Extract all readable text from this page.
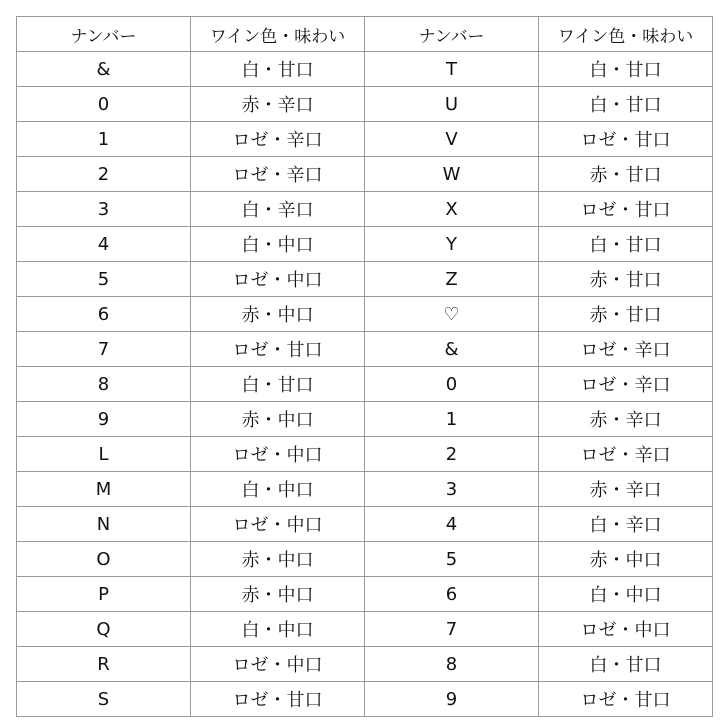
ナンバー	ワイン色・味わい	ナンバー	ワイン色・味わい
&	白・甘口	T	白・甘口
0	赤・辛口	U	白・甘口
1	ロゼ・辛口	V	ロゼ・甘口
2	ロゼ・辛口	W	赤・甘口
3	白・辛口	X	ロゼ・甘口
4	白・中口	Y	白・甘口
5	ロゼ・中口	Z	赤・甘口
6	赤・中口	♡	赤・甘口
7	ロゼ・甘口	&	ロゼ・辛口
8	白・甘口	0	ロゼ・辛口
9	赤・中口	1	赤・辛口
L	ロゼ・中口	2	ロゼ・辛口
M	白・中口	3	赤・辛口
N	ロゼ・中口	4	白・辛口
O	赤・中口	5	赤・中口
P	赤・中口	6	白・中口
Q	白・中口	7	ロゼ・中口
R	ロゼ・中口	8	白・甘口
S	ロゼ・甘口	9	ロゼ・甘口
